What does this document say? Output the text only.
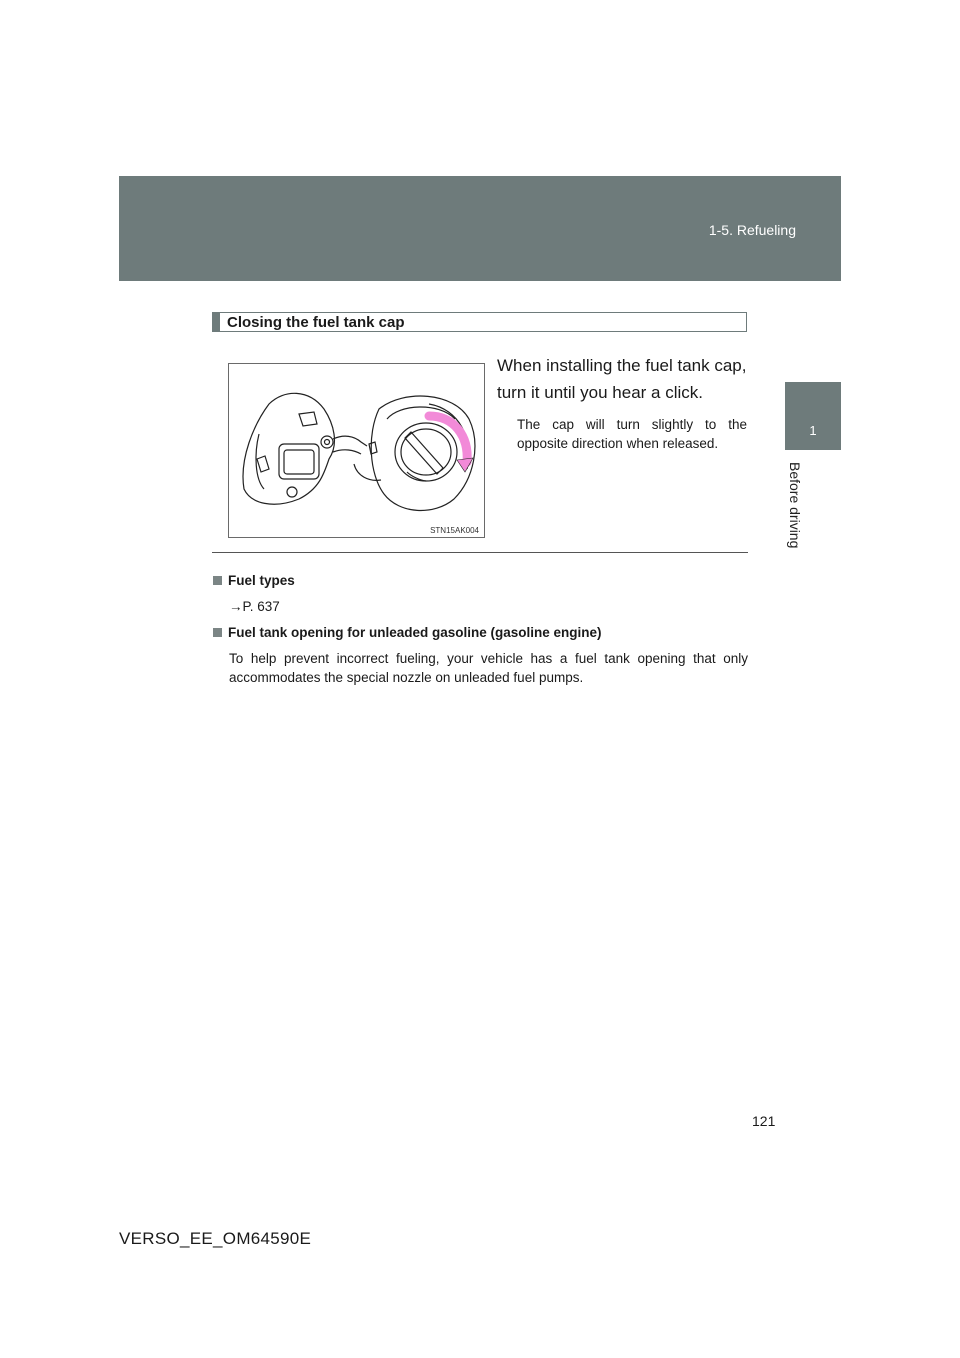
1-5. Refueling
1
Before driving
Closing the fuel tank cap
STN15AK004
When installing the fuel tank cap, turn it until you hear a click.
The cap will turn slightly to the opposite direction when released.
Fuel types
→P. 637
Fuel tank opening for unleaded gasoline (gasoline engine)
To help prevent incorrect fueling, your vehicle has a fuel tank opening that only accommodates the special nozzle on unleaded fuel pumps.
121
VERSO_EE_OM64590E
